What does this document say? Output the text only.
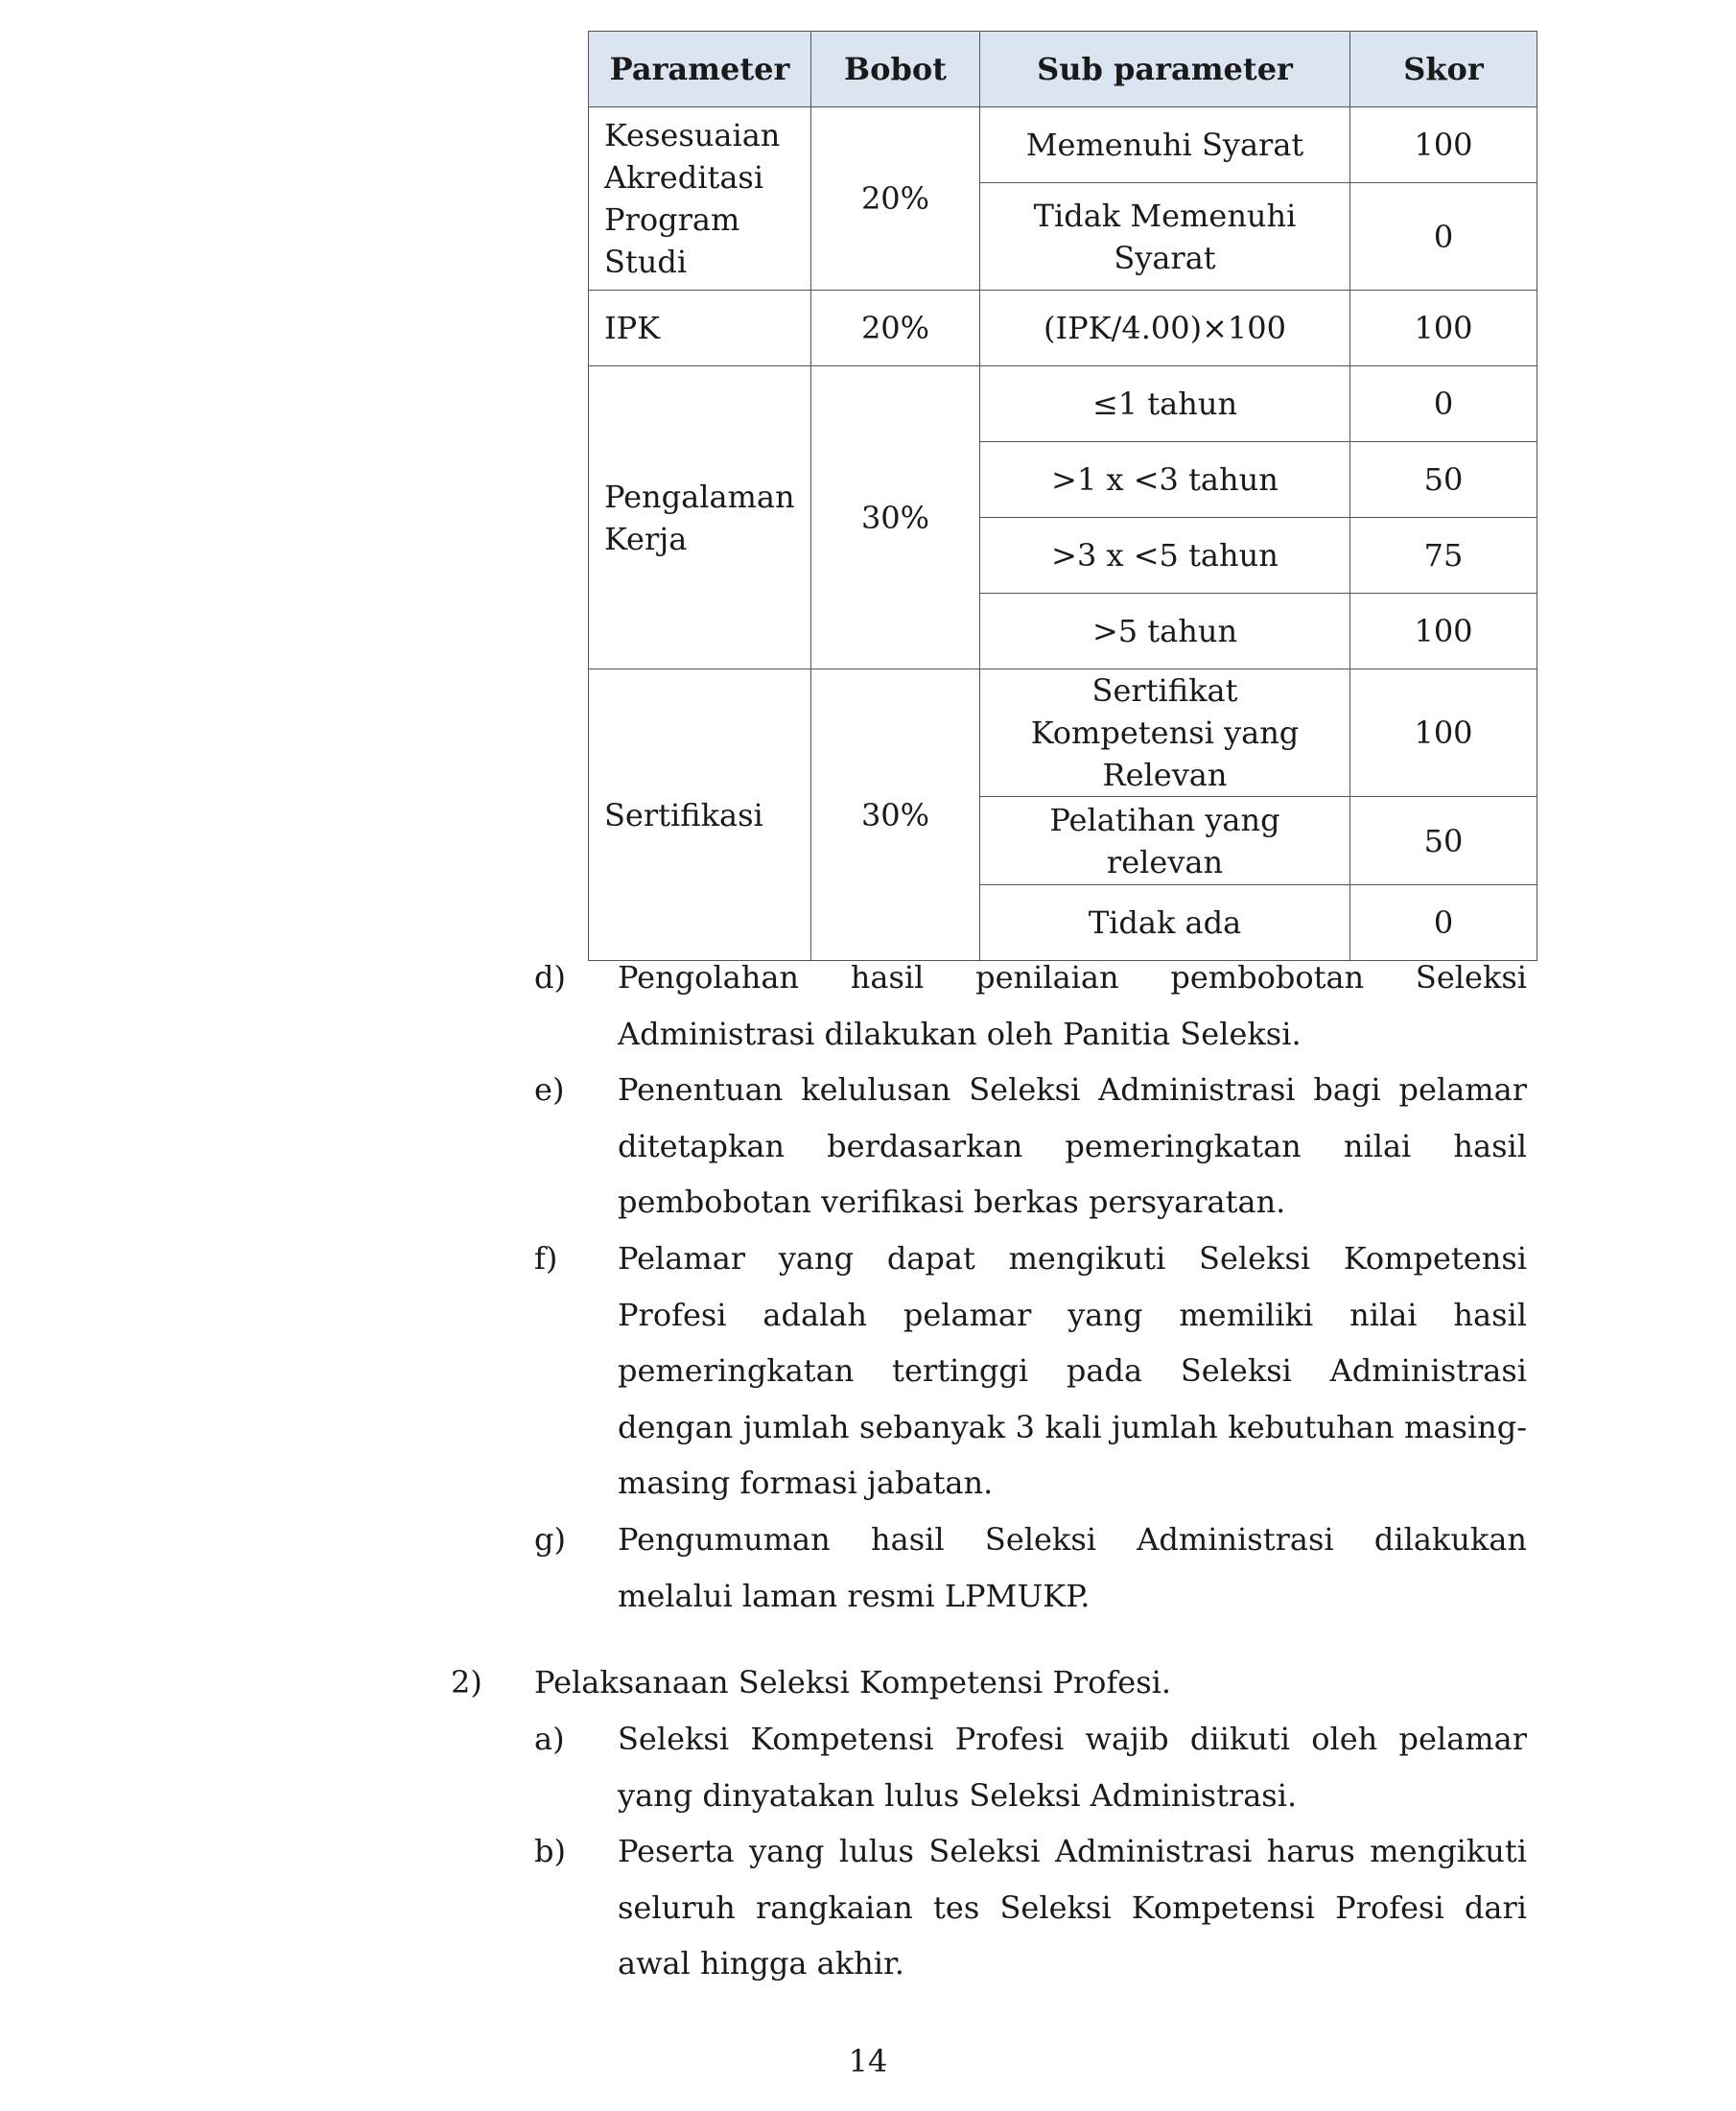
Parameter	Bobot	Sub parameter	Skor
Kesesuaian Akreditasi Program Studi	20%	Memenuhi Syarat	100
		Tidak Memenuhi Syarat	0
IPK	20%	(IPK/4.00)×100	100
Pengalaman Kerja	30%	≤1 tahun	0
		>1 x <3 tahun	50
		>3 x <5 tahun	75
		>5 tahun	100
Sertifikasi	30%	Sertifikat Kompetensi yang Relevan	100
		Pelatihan yang relevan	50
		Tidak ada	0
d) Pengolahan hasil penilaian pembobotan Seleksi Administrasi dilakukan oleh Panitia Seleksi.

e) Penentuan kelulusan Seleksi Administrasi bagi pelamar ditetapkan berdasarkan pemeringkatan nilai hasil pembobotan verifikasi berkas persyaratan.

f) Pelamar yang dapat mengikuti Seleksi Kompetensi Profesi adalah pelamar yang memiliki nilai hasil pemeringkatan tertinggi pada Seleksi Administrasi dengan jumlah sebanyak 3 kali jumlah kebutuhan masing-masing formasi jabatan.

g) Pengumuman hasil Seleksi Administrasi dilakukan melalui laman resmi LPMUKP.

2) Pelaksanaan Seleksi Kompetensi Profesi.

a) Seleksi Kompetensi Profesi wajib diikuti oleh pelamar yang dinyatakan lulus Seleksi Administrasi.

b) Peserta yang lulus Seleksi Administrasi harus mengikuti seluruh rangkaian tes Seleksi Kompetensi Profesi dari awal hingga akhir.

14
